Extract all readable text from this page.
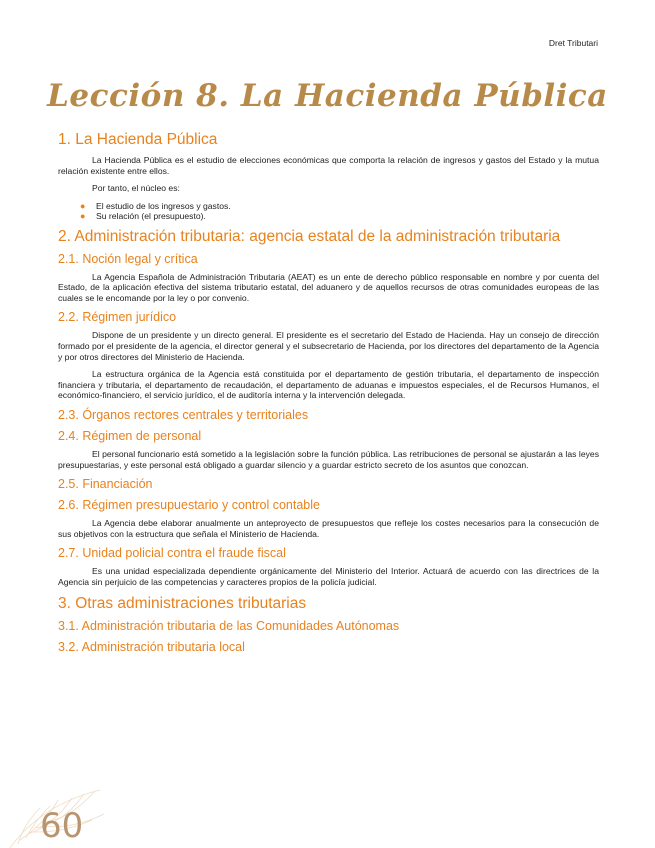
Dret Tributari
Lección 8. La Hacienda Pública
1. La Hacienda Pública

La Hacienda Pública es el estudio de elecciones económicas que comporta la relación de ingresos y gastos del Estado y la mutua relación existente entre ellos.

Por tanto, el núcleo es:

● El estudio de los ingresos y gastos.
● Su relación (el presupuesto).
2. Administración tributaria: agencia estatal de la administración tributaria
2.1. Noción legal y crítica

La Agencia Española de Administración Tributaria (AEAT) es un ente de derecho público responsable en nombre y por cuenta del Estado, de la aplicación efectiva del sistema tributario estatal, del aduanero y de aquellos recursos de otras comunidades europeas de las cuales se le encomande por la ley o por convenio.

2.2. Régimen jurídico

Dispone de un presidente y un directo general. El presidente es el secretario del Estado de Hacienda. Hay un consejo de dirección formado por el presidente de la agencia, el director general y el subsecretario de Hacienda, por los directores del departamento de la Agencia y por otros directores del Ministerio de Hacienda.

La estructura orgánica de la Agencia está constituida por el departamento de gestión tributaria, el departamento de inspección financiera y tributaria, el departamento de recaudación, el departamento de aduanas e impuestos especiales, el de Recursos Humanos, el económico-financiero, el servicio jurídico, el de auditoría interna y la intervención delegada.

2.3. Órganos rectores centrales y territoriales
2.4. Régimen de personal

El personal funcionario está sometido a la legislación sobre la función pública. Las retribuciones de personal se ajustarán a las leyes presupuestarias, y este personal está obligado a guardar silencio y a guardar estricto secreto de los asuntos que conozcan.

2.5. Financiación
2.6. Régimen presupuestario y control contable

La Agencia debe elaborar anualmente un anteproyecto de presupuestos que refleje los costes necesarios para la consecución de sus objetivos con la estructura que señala el Ministerio de Hacienda.

2.7. Unidad policial contra el fraude fiscal

Es una unidad especializada dependiente orgánicamente del Ministerio del Interior. Actuará de acuerdo con las directrices de la Agencia sin perjuicio de las competencias y caracteres propios de la policía judicial.

3. Otras administraciones tributarias
3.1. Administración tributaria de las Comunidades Autónomas
3.2. Administración tributaria local
60
